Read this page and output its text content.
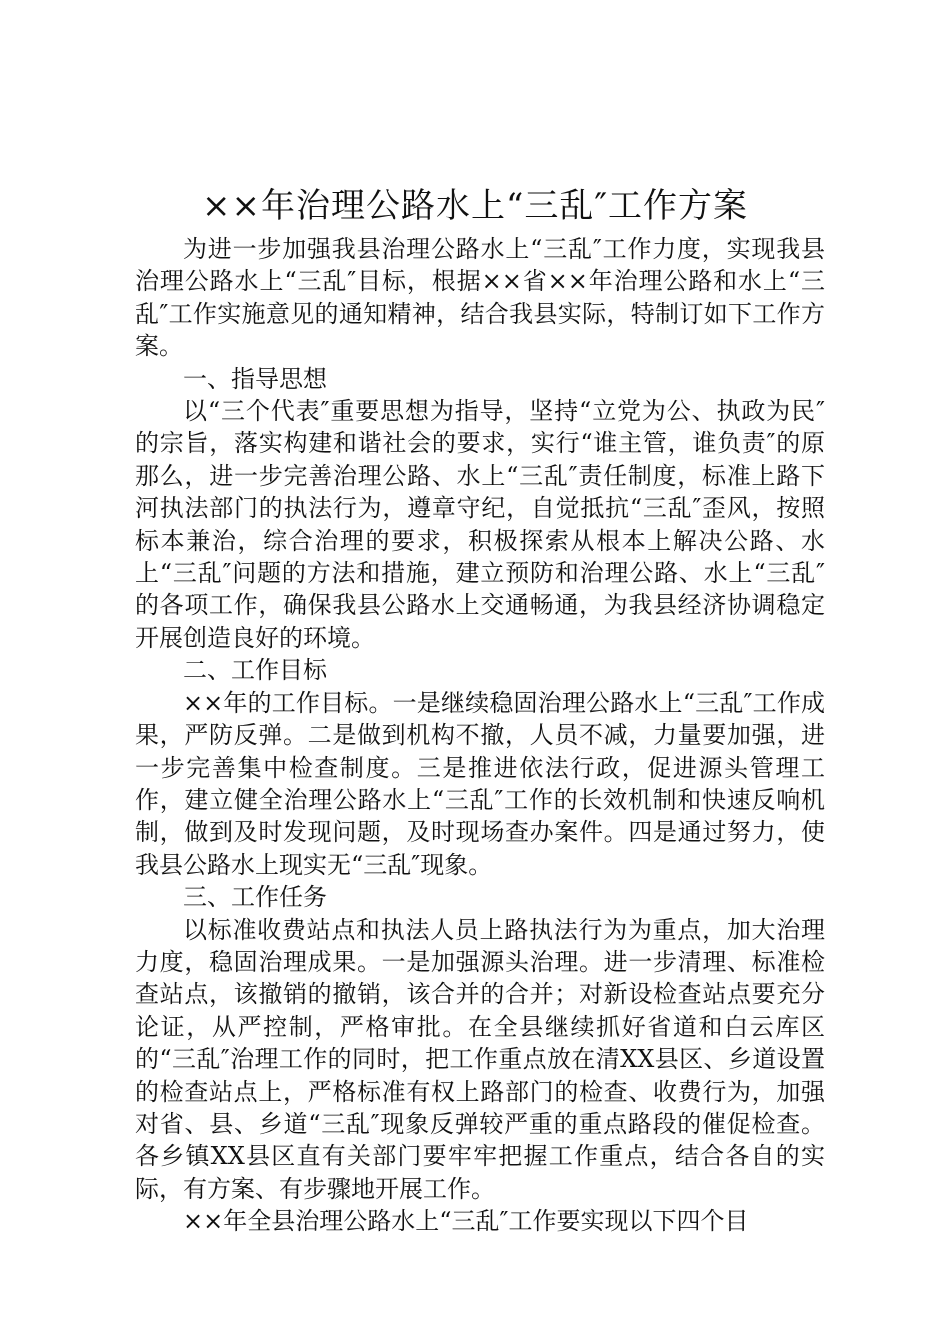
××年治理公路水上“三乱″工作方案

为进一步加强我县治理公路水上“三乱″工作力度，实现我县治理公路水上“三乱″目标，根据××省××年治理公路和水上“三乱″工作实施意见的通知精神，结合我县实际，特制订如下工作方案。

一、指导思想

以“三个代表″重要思想为指导，坚持“立党为公、执政为民″的宗旨，落实构建和谐社会的要求，实行“谁主管，谁负责″的原那么，进一步完善治理公路、水上“三乱″责任制度，标准上路下河执法部门的执法行为，遵章守纪，自觉抵抗“三乱″歪风，按照标本兼治，综合治理的要求，积极探索从根本上解决公路、水上“三乱″问题的方法和措施，建立预防和治理公路、水上“三乱″的各项工作，确保我县公路水上交通畅通，为我县经济协调稳定开展创造良好的环境。

二、工作目标

××年的工作目标。一是继续稳固治理公路水上“三乱″工作成果，严防反弹。二是做到机构不撤，人员不减，力量要加强，进一步完善集中检查制度。三是推进依法行政，促进源头管理工作，建立健全治理公路水上“三乱″工作的长效机制和快速反响机制，做到及时发现问题，及时现场查办案件。四是通过努力，使我县公路水上现实无“三乱″现象。

三、工作任务

以标准收费站点和执法人员上路执法行为为重点，加大治理力度，稳固治理成果。一是加强源头治理。进一步清理、标准检查站点，该撤销的撤销，该合并的合并；对新设检查站点要充分论证，从严控制，严格审批。在全县继续抓好省道和白云库区的“三乱″治理工作的同时，把工作重点放在清XX县区、乡道设置的检查站点上，严格标准有权上路部门的检查、收费行为，加强对省、县、乡道“三乱″现象反弹较严重的重点路段的催促检查。各乡镇XX县区直有关部门要牢牢把握工作重点，结合各自的实际，有方案、有步骤地开展工作。

××年全县治理公路水上“三乱″工作要实现以下四个目
